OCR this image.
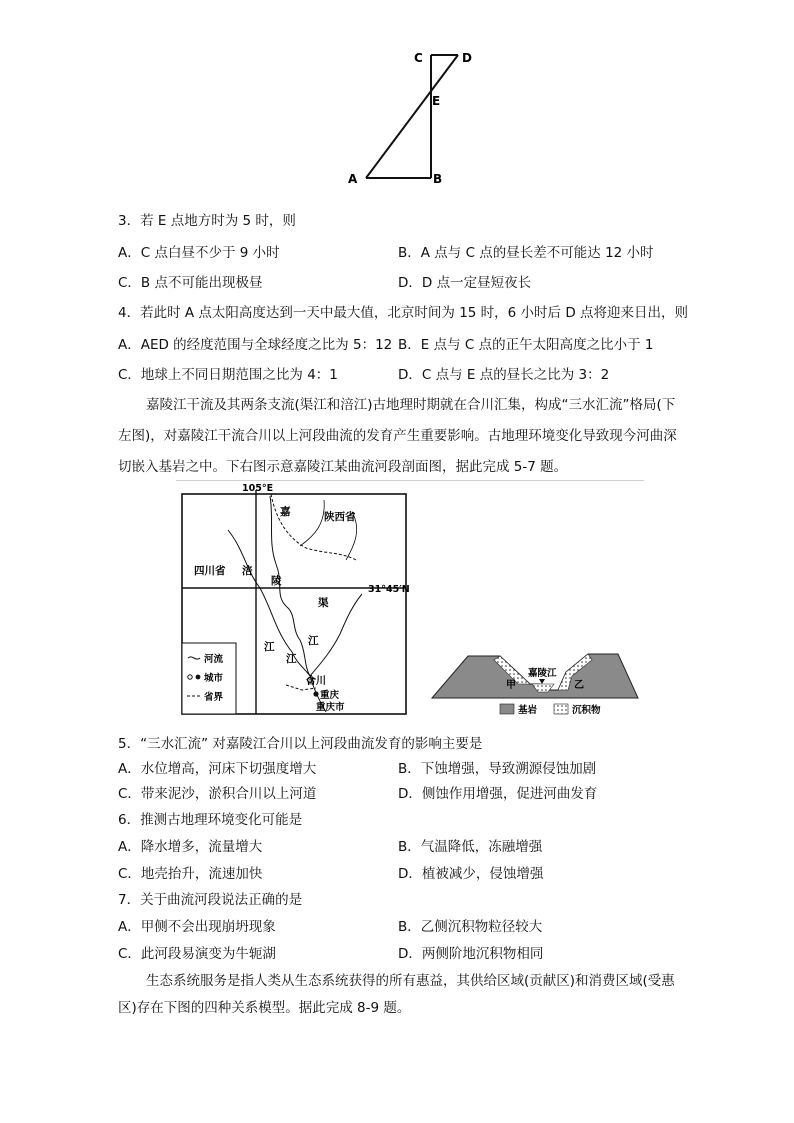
C	D
E
A	B
3．若 E 点地方时为 5 时，则
A．C 点白昼不少于 9 小时	B．A 点与 C 点的昼长差不可能达 12 小时
C．B 点不可能出现极昼	D．D 点一定昼短夜长
4．若此时 A 点太阳高度达到一天中最大值，北京时间为 15 时，6 小时后 D 点将迎来日出，则
A．AED 的经度范围与全球经度之比为 5：12 B．E 点与 C 点的正午太阳高度之比小于 1
C．地球上不同日期范围之比为 4：1	D．C 点与 E 点的昼长之比为 3：2
嘉陵江干流及其两条支流(渠江和涪江)古地理时期就在合川汇集，构成“三水汇流”格局(下
左图)，对嘉陵江干流合川以上河段曲流的发育产生重要影响。古地理环境变化导致现今河曲深
切嵌入基岩之中。下右图示意嘉陵江某曲流河段剖面图，据此完成 5-7 题。
105°E
31°45′N
陕西省
四川省
嘉
涪
陵
渠
江
江
江
合川
重庆
重庆市
河流
城市
省界
嘉陵江
甲	乙
基岩	沉积物
5．“三水汇流” 对嘉陵江合川以上河段曲流发育的影响主要是
A．水位增高，河床下切强度增大	B．下蚀增强，导致溯源侵蚀加剧
C．带来泥沙，淤积合川以上河道	D．侧蚀作用增强，促进河曲发育
6．推测古地理环境变化可能是
A．降水增多，流量增大	B．气温降低，冻融增强
C．地壳抬升，流速加快	D．植被减少，侵蚀增强
7．关于曲流河段说法正确的是
A．甲侧不会出现崩坍现象	B．乙侧沉积物粒径较大
C．此河段易演变为牛轭湖	D．两侧阶地沉积物相同
生态系统服务是指人类从生态系统获得的所有惠益，其供给区域(贡献区)和消费区域(受惠
区)存在下图的四种关系模型。据此完成 8-9 题。
